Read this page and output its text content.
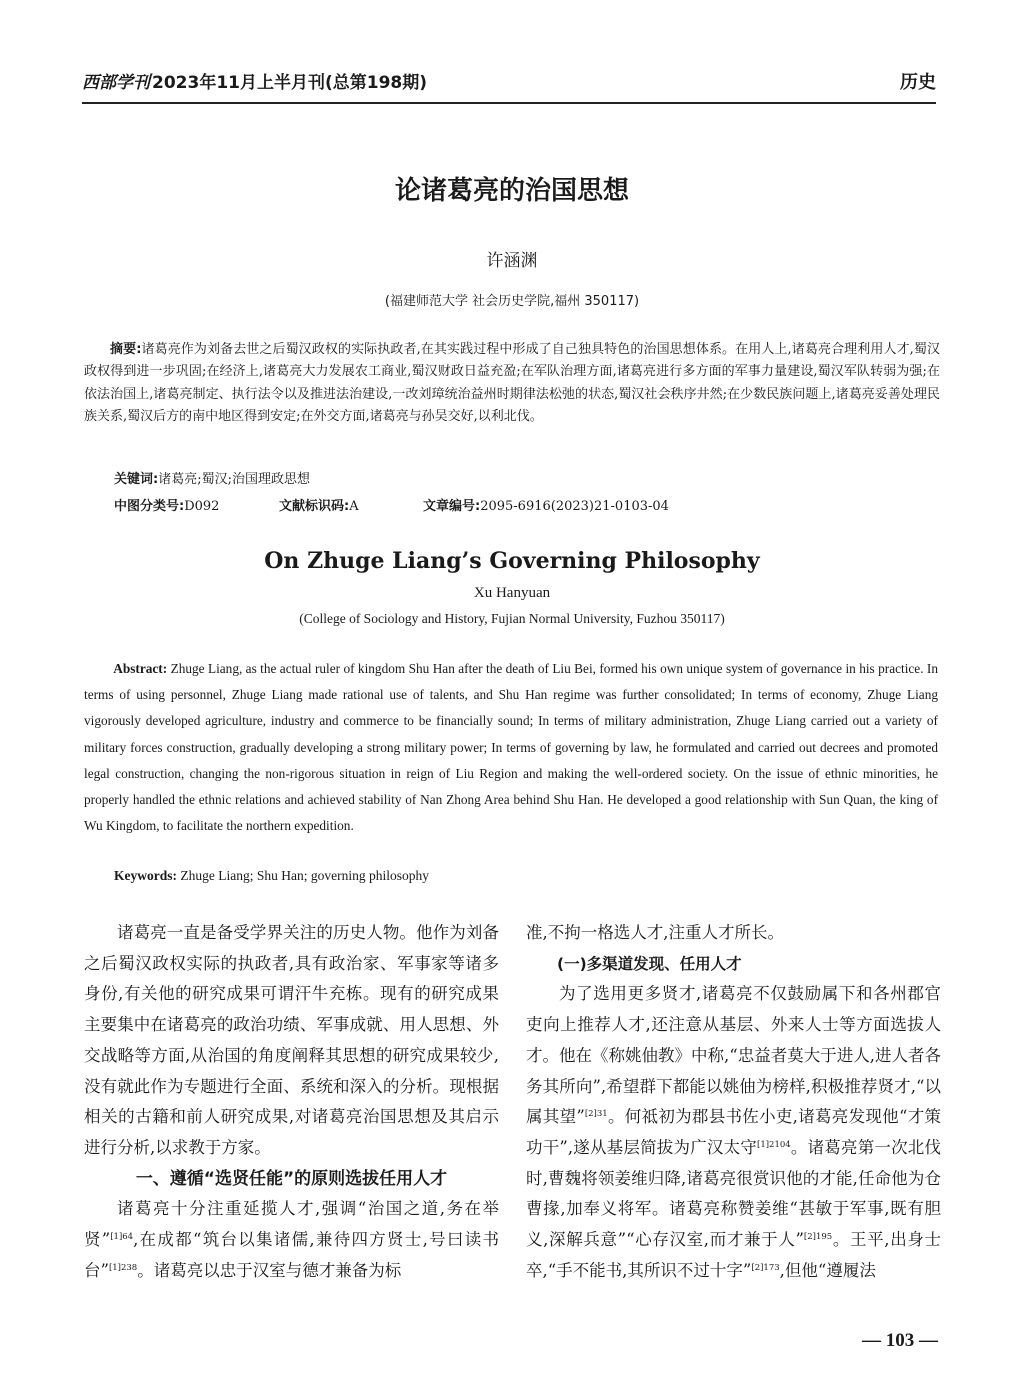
西部学刊 2023年11月上半月刊(总第198期)	历史
论诸葛亮的治国思想
许涵渊
(福建师范大学 社会历史学院,福州 350117)

摘要:诸葛亮作为刘备去世之后蜀汉政权的实际执政者,在其实践过程中形成了自己独具特色的治国思想体系。在用人上,诸葛亮合理利用人才,蜀汉政权得到进一步巩固;在经济上,诸葛亮大力发展农工商业,蜀汉财政日益充盈;在军队治理方面,诸葛亮进行多方面的军事力量建设,蜀汉军队转弱为强;在依法治国上,诸葛亮制定、执行法令以及推进法治建设,一改刘璋统治益州时期律法松弛的状态,蜀汉社会秩序井然;在少数民族问题上,诸葛亮妥善处理民族关系,蜀汉后方的南中地区得到安定;在外交方面,诸葛亮与孙吴交好,以利北伐。

关键词:诸葛亮;蜀汉;治国理政思想

中图分类号:D092	文献标识码:A	文章编号:2095-6916(2023)21-0103-04

On Zhuge Liang’s Governing Philosophy
Xu Hanyuan
(College of Sociology and History, Fujian Normal University, Fuzhou 350117)

Abstract: Zhuge Liang, as the actual ruler of kingdom Shu Han after the death of Liu Bei, formed his own unique system of governance in his practice. In terms of using personnel, Zhuge Liang made rational use of talents, and Shu Han regime was further consolidated; In terms of economy, Zhuge Liang vigorously developed agriculture, industry and commerce to be financially sound; In terms of military administration, Zhuge Liang carried out a variety of military forces construction, gradually developing a strong military power; In terms of governing by law, he formulated and carried out decrees and promoted legal construction, changing the non-rigorous situation in reign of Liu Region and making the well-ordered society. On the issue of ethnic minorities, he properly handled the ethnic relations and achieved stability of Nan Zhong Area behind Shu Han. He developed a good relationship with Sun Quan, the king of Wu Kingdom, to facilitate the northern expedition.

Keywords: Zhuge Liang; Shu Han; governing philosophy

诸葛亮一直是备受学界关注的历史人物。他作为刘备之后蜀汉政权实际的执政者,具有政治家、军事家等诸多身份,有关他的研究成果可谓汗牛充栋。现有的研究成果主要集中在诸葛亮的政治功绩、军事成就、用人思想、外交战略等方面,从治国的角度阐释其思想的研究成果较少,没有就此作为专题进行全面、系统和深入的分析。现根据相关的古籍和前人研究成果,对诸葛亮治国思想及其启示进行分析,以求教于方家。

一、遵循“选贤任能”的原则选拔任用人才

诸葛亮十分注重延揽人才,强调“治国之道,务在举贤”$^{[1]64}$,在成都“筑台以集诸儒,兼待四方贤士,号曰读书台”$^{[1]238}$。诸葛亮以忠于汉室与德才兼备为标

准,不拘一格选人才,注重人才所长。

(一)多渠道发现、任用人才

为了选用更多贤才,诸葛亮不仅鼓励属下和各州郡官吏向上推荐人才,还注意从基层、外来人士等方面选拔人才。他在《称姚伷教》中称,“忠益者莫大于进人,进人者各务其所向”,希望群下都能以姚伷为榜样,积极推荐贤才,“以属其望”$^{[2]31}$。何祗初为郡县书佐小吏,诸葛亮发现他“才策功干”,遂从基层简拔为广汉太守$^{[1]2104}$。诸葛亮第一次北伐时,曹魏将领姜维归降,诸葛亮很赏识他的才能,任命他为仓曹掾,加奉义将军。诸葛亮称赞姜维“甚敏于军事,既有胆义,深解兵意”“心存汉室,而才兼于人”$^{[2]195}$。王平,出身士卒,“手不能书,其所识不过十字”$^{[2]173}$,但他“遵履法

— 103 —
